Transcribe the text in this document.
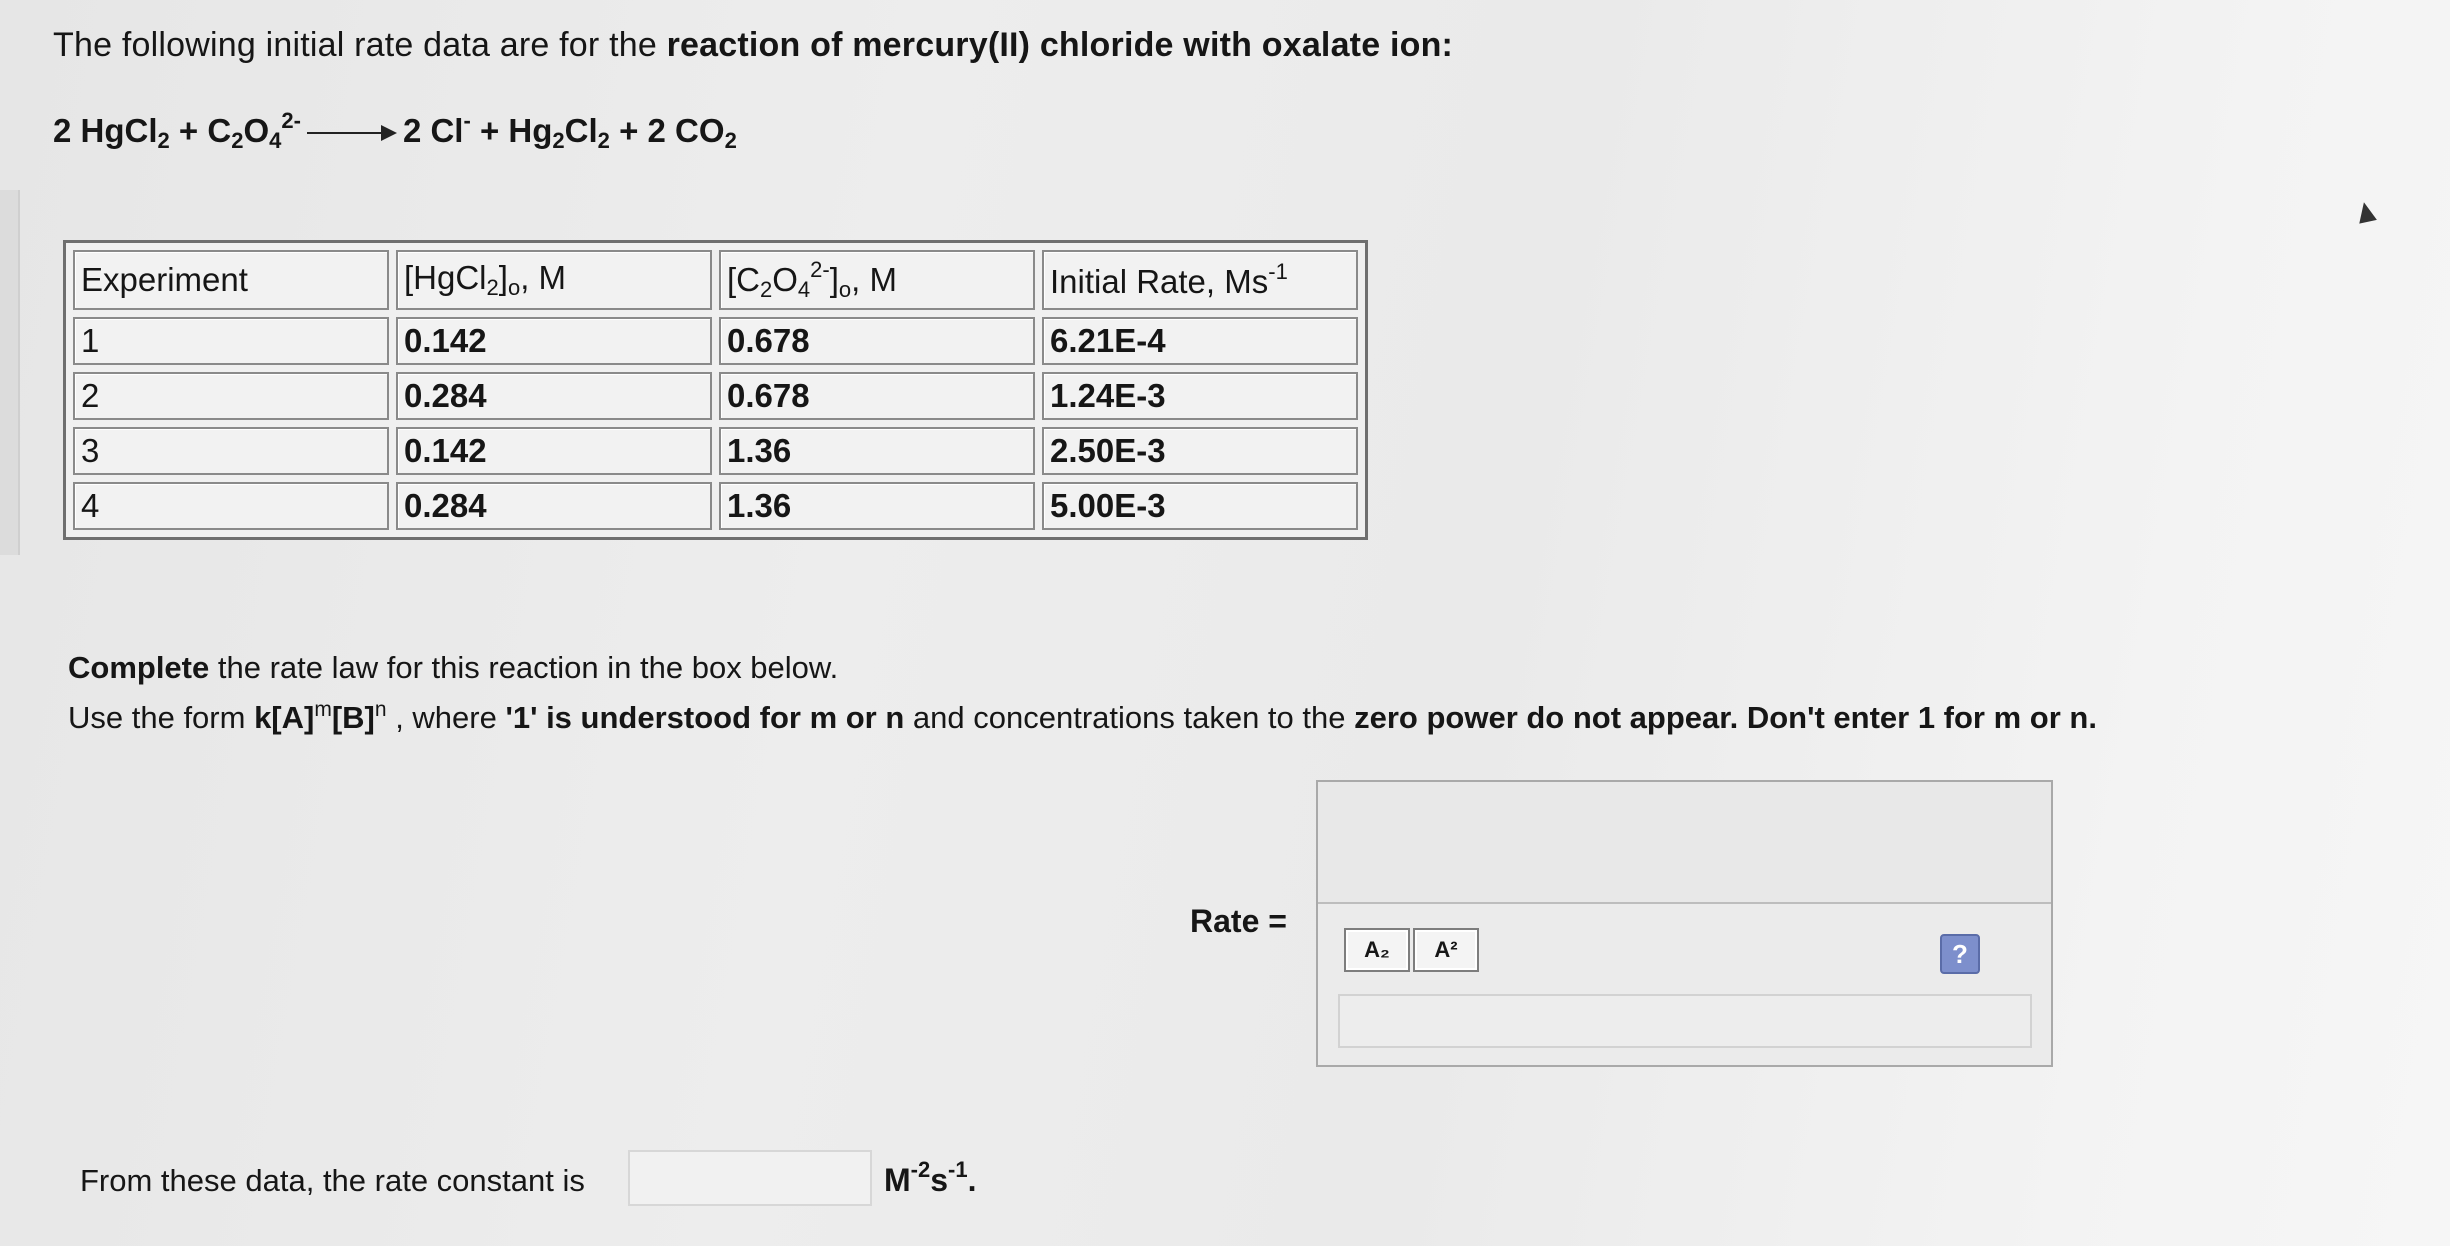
The following initial rate data are for the reaction of mercury(II) chloride with oxalate ion:
2 HgCl$_2$ + $C_2O_4^{2-}$	2 $Cl^- + Hg_2Cl_2 + 2$ $CO_2$
Experiment	$[HgCl_2]_o$, M	$[C_2O_4^{2-}]_o$, M	Initial Rate, $Ms^{-1}$
1	0.142	0.678	6.21E-4
2	0.284	0.678	1.24E-3
3	0.142	1.36	2.50E-3
4	0.284	1.36	5.00E-3
Complete the rate law for this reaction in the box below.
Use the form $k[A]^m[B]^n$ , where '1' is understood for m or n and concentrations taken to the zero power do not appear. Don't enter 1 for m or n.
Rate =
A₂	A²	?
From these data, the rate constant is	$M^{-2}s^{-1}$.
